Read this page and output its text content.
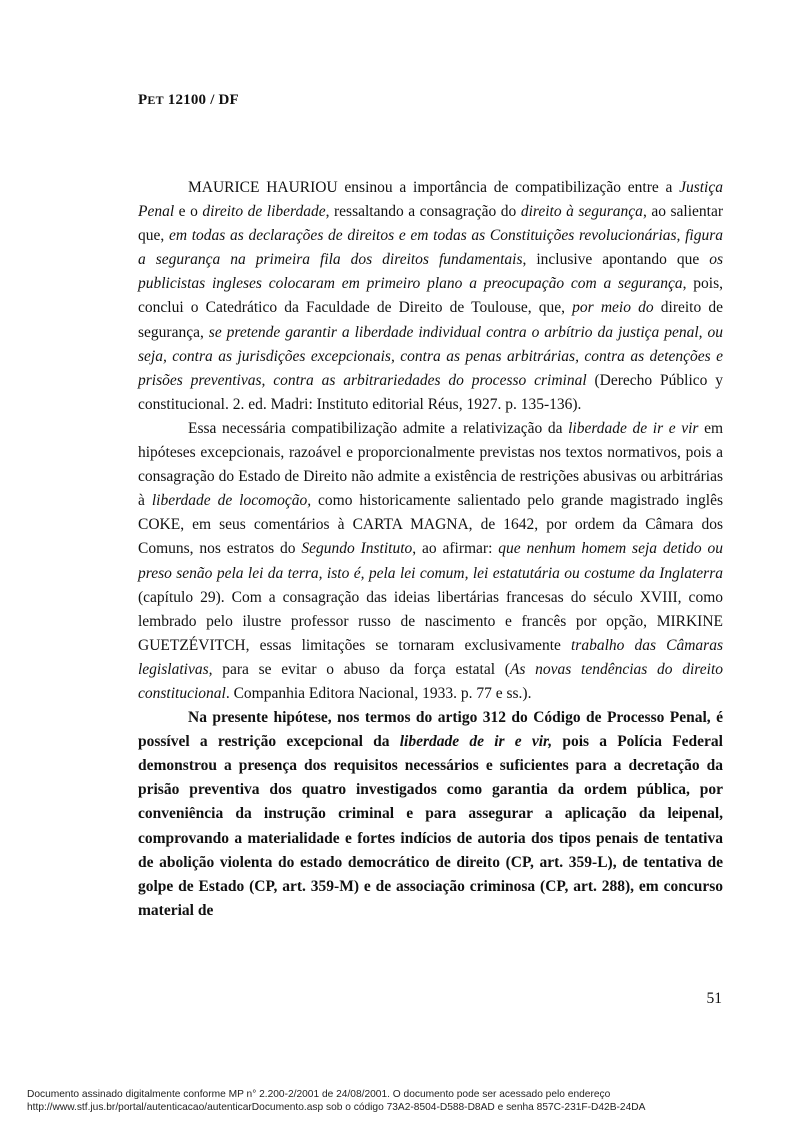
PET 12100 / DF

MAURICE HAURIOU ensinou a importância de compatibilização entre a Justiça Penal e o direito de liberdade, ressaltando a consagração do direito à segurança, ao salientar que, em todas as declarações de direitos e em todas as Constituições revolucionárias, figura a segurança na primeira fila dos direitos fundamentais, inclusive apontando que os publicistas ingleses colocaram em primeiro plano a preocupação com a segurança, pois, conclui o Catedrático da Faculdade de Direito de Toulouse, que, por meio do direito de segurança, se pretende garantir a liberdade individual contra o arbítrio da justiça penal, ou seja, contra as jurisdições excepcionais, contra as penas arbitrárias, contra as detenções e prisões preventivas, contra as arbitrariedades do processo criminal (Derecho Público y constitucional. 2. ed. Madri: Instituto editorial Réus, 1927. p. 135-136).

Essa necessária compatibilização admite a relativização da liberdade de ir e vir em hipóteses excepcionais, razoável e proporcionalmente previstas nos textos normativos, pois a consagração do Estado de Direito não admite a existência de restrições abusivas ou arbitrárias à liberdade de locomoção, como historicamente salientado pelo grande magistrado inglês COKE, em seus comentários à CARTA MAGNA, de 1642, por ordem da Câmara dos Comuns, nos estratos do Segundo Instituto, ao afirmar: que nenhum homem seja detido ou preso senão pela lei da terra, isto é, pela lei comum, lei estatutária ou costume da Inglaterra (capítulo 29). Com a consagração das ideias libertárias francesas do século XVIII, como lembrado pelo ilustre professor russo de nascimento e francês por opção, MIRKINE GUETZÉVITCH, essas limitações se tornaram exclusivamente trabalho das Câmaras legislativas, para se evitar o abuso da força estatal (As novas tendências do direito constitucional. Companhia Editora Nacional, 1933. p. 77 e ss.).

Na presente hipótese, nos termos do artigo 312 do Código de Processo Penal, é possível a restrição excepcional da liberdade de ir e vir, pois a Polícia Federal demonstrou a presença dos requisitos necessários e suficientes para a decretação da prisão preventiva dos quatro investigados como garantia da ordem pública, por conveniência da instrução criminal e para assegurar a aplicação da leipenal, comprovando a materialidade e fortes indícios de autoria dos tipos penais de tentativa de abolição violenta do estado democrático de direito (CP, art. 359-L), de tentativa de golpe de Estado (CP, art. 359-M) e de associação criminosa (CP, art. 288), em concurso material de

51
Documento assinado digitalmente conforme MP n° 2.200-2/2001 de 24/08/2001. O documento pode ser acessado pelo endereço
http://www.stf.jus.br/portal/autenticacao/autenticarDocumento.asp sob o código 73A2-8504-D588-D8AD e senha 857C-231F-D42B-24DA
